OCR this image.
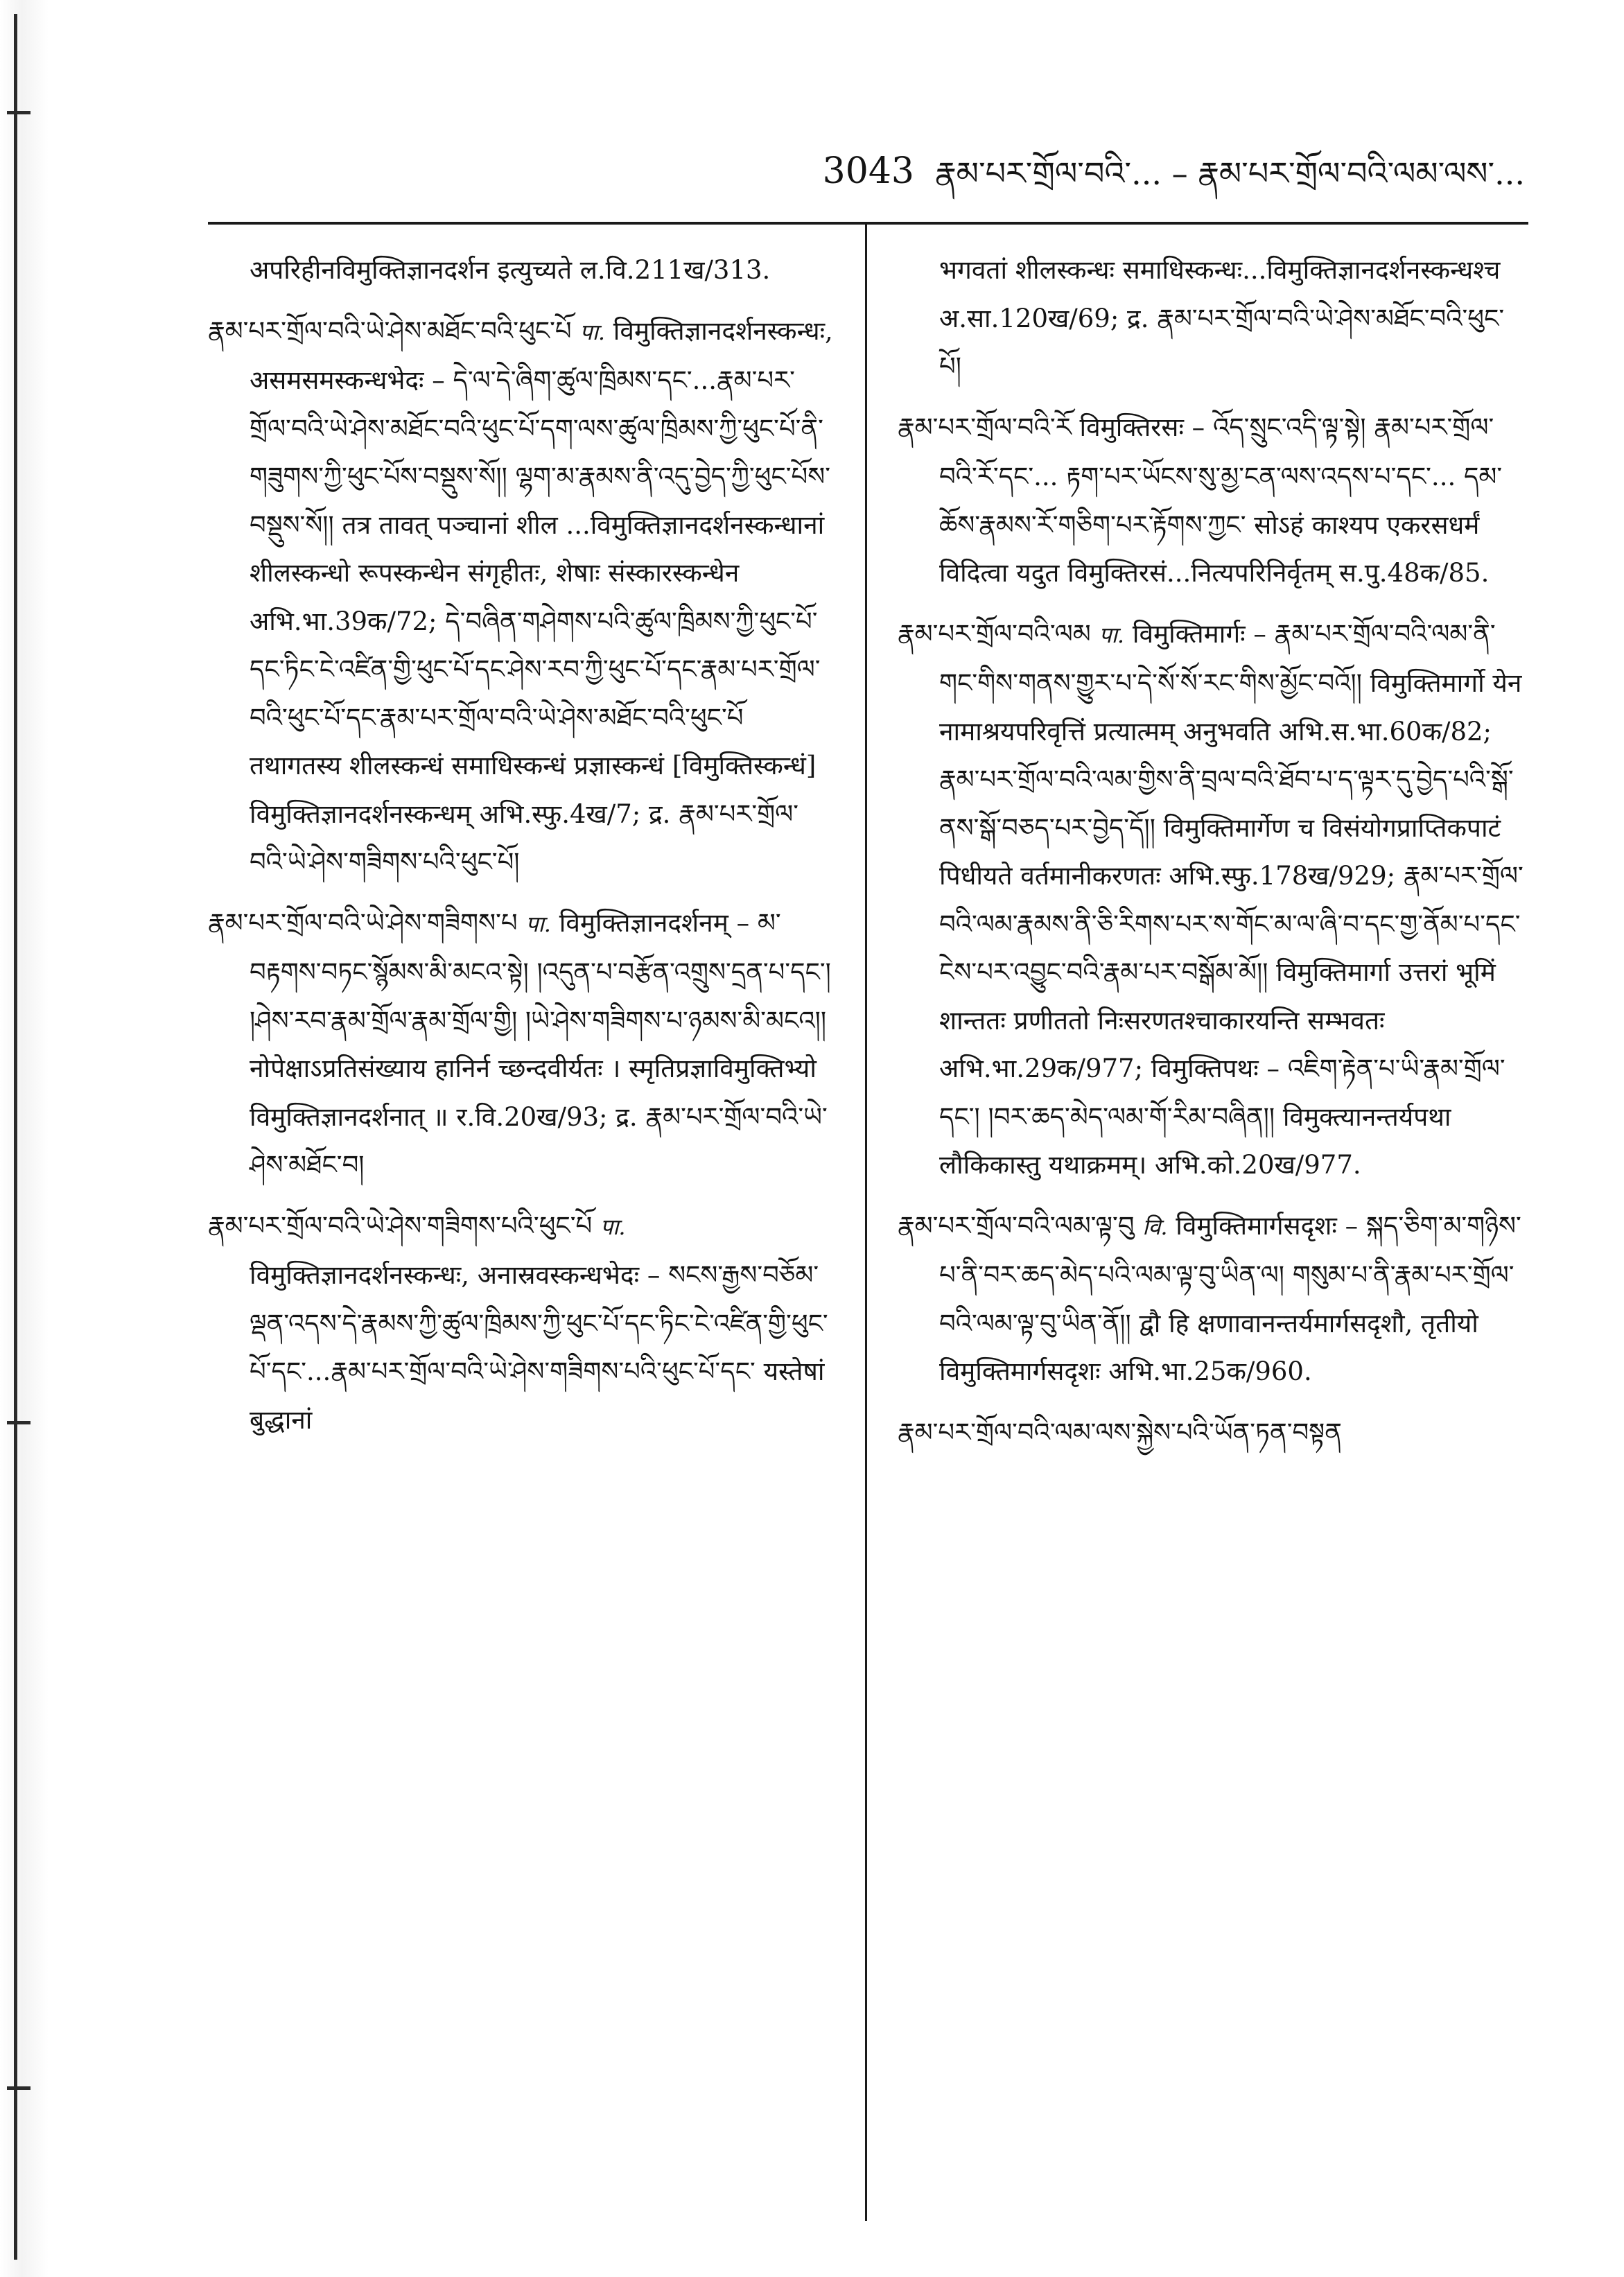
3043 རྣམ་པར་གྲོལ་བའི་... – རྣམ་པར་གྲོལ་བའི་ལམ་ལས་...

अपरिहीनविमुक्तिज्ञानदर्शन इत्युच्यते ल.वि.211ख/313.

རྣམ་པར་གྲོལ་བའི་ཡེ་ཤེས་མཐོང་བའི་ཕུང་པོ पा. विमुक्तिज्ञानदर्शनस्कन्धः, असमसमस्कन्धभेदः – དེ་ལ་དེ་ཞིག་ཚུལ་ཁྲིམས་དང་...རྣམ་པར་གྲོལ་བའི་ཡེ་ཤེས་མཐོང་བའི་ཕུང་པོ་དག་ལས་ཚུལ་ཁྲིམས་ཀྱི་ཕུང་པོ་ནི་གཟུགས་ཀྱི་ཕུང་པོས་བསྡུས་སོ།། ལྷག་མ་རྣམས་ནི་འདུ་བྱེད་ཀྱི་ཕུང་པོས་བསྡུས་སོ།། तत्र तावत् पञ्चानां शील ...विमुक्तिज्ञानदर्शनस्कन्धानां शीलस्कन्धो रूपस्कन्धेन संगृहीतः, शेषाः संस्कारस्कन्धेन अभि.भा.39क/72; དེ་བཞིན་གཤེགས་པའི་ཚུལ་ཁྲིམས་ཀྱི་ཕུང་པོ་དང་ཏིང་ངེ་འཛིན་གྱི་ཕུང་པོ་དང་ཤེས་རབ་ཀྱི་ཕུང་པོ་དང་རྣམ་པར་གྲོལ་བའི་ཕུང་པོ་དང་རྣམ་པར་གྲོལ་བའི་ཡེ་ཤེས་མཐོང་བའི་ཕུང་པོ तथागतस्य शीलस्कन्धं समाधिस्कन्धं प्रज्ञास्कन्धं [विमुक्तिस्कन्धं] विमुक्तिज्ञानदर्शनस्कन्धम् अभि.स्फु.4ख/7; द्र. རྣམ་པར་གྲོལ་བའི་ཡེ་ཤེས་གཟིགས་པའི་ཕུང་པོ།

རྣམ་པར་གྲོལ་བའི་ཡེ་ཤེས་གཟིགས་པ पा. विमुक्तिज्ञानदर्शनम् – མ་བརྟགས་བཏང་སྙོམས་མི་མངའ་སྟེ། །འདུན་པ་བརྩོན་འགྲུས་དྲན་པ་དང་། །ཤེས་རབ་རྣམ་གྲོལ་རྣམ་གྲོལ་གྱི། །ཡེ་ཤེས་གཟིགས་པ་ཉམས་མི་མངའ།། नोपेक्षाऽप्रतिसंख्याय हानिर्न च्छन्दवीर्यतः । स्मृतिप्रज्ञाविमुक्तिभ्यो विमुक्तिज्ञानदर्शनात् ॥ र.वि.20ख/93; द्र. རྣམ་པར་གྲོལ་བའི་ཡེ་ཤེས་མཐོང་བ།

རྣམ་པར་གྲོལ་བའི་ཡེ་ཤེས་གཟིགས་པའི་ཕུང་པོ पा. विमुक्तिज्ञानदर्शनस्कन्धः, अनास्रवस्कन्धभेदः – སངས་རྒྱས་བཅོམ་ལྡན་འདས་དེ་རྣམས་ཀྱི་ཚུལ་ཁྲིམས་ཀྱི་ཕུང་པོ་དང་ཏིང་ངེ་འཛིན་གྱི་ཕུང་པོ་དང་...རྣམ་པར་གྲོལ་བའི་ཡེ་ཤེས་གཟིགས་པའི་ཕུང་པོ་དང་ यस्तेषां बुद्धानां

भगवतां शीलस्कन्धः समाधिस्कन्धः...विमुक्तिज्ञानदर्शनस्कन्धश्च अ.सा.120ख/69; द्र. རྣམ་པར་གྲོལ་བའི་ཡེ་ཤེས་མཐོང་བའི་ཕུང་པོ།

རྣམ་པར་གྲོལ་བའི་རོ विमुक्तिरसः – འོད་སྲུང་འདི་ལྟ་སྟེ། རྣམ་པར་གྲོལ་བའི་རོ་དང་... རྟག་པར་ཡོངས་སུ་མྱ་ངན་ལས་འདས་པ་དང་... དམ་ཆོས་རྣམས་རོ་གཅིག་པར་རྟོགས་ཀྱང་ सोऽहं काश्यप एकरसधर्मं विदित्वा यदुत विमुक्तिरसं...नित्यपरिनिर्वृतम् स.पु.48क/85.

རྣམ་པར་གྲོལ་བའི་ལམ पा. विमुक्तिमार्गः – རྣམ་པར་གྲོལ་བའི་ལམ་ནི་གང་གིས་གནས་གྱུར་པ་དེ་སོ་སོ་རང་གིས་མྱོང་བའོ།། विमुक्तिमार्गो येन नामाश्रयपरिवृत्तिं प्रत्यात्मम् अनुभवति अभि.स.भा.60क/82; རྣམ་པར་གྲོལ་བའི་ལམ་གྱིས་ནི་བྲལ་བའི་ཐོབ་པ་ད་ལྟར་དུ་བྱེད་པའི་སྒོ་ནས་སྒོ་བཅད་པར་བྱེད་དོ།། विमुक्तिमार्गेण च विसंयोगप्राप्तिकपाटं पिधीयते वर्तमानीकरणतः अभि.स्फु.178ख/929; རྣམ་པར་གྲོལ་བའི་ལམ་རྣམས་ནི་ཅི་རིགས་པར་ས་གོང་མ་ལ་ཞི་བ་དང་གྱ་ནོམ་པ་དང་ངེས་པར་འབྱུང་བའི་རྣམ་པར་བསྒོམ་མོ།། विमुक्तिमार्गा उत्तरां भूमिं शान्ततः प्रणीततो निःसरणतश्चाकारयन्ति सम्भवतः अभि.भा.29क/977; विमुक्तिपथः – འཇིག་རྟེན་པ་ཡི་རྣམ་གྲོལ་དང་། །བར་ཆད་མེད་ལམ་གོ་རིམ་བཞིན།། विमुक्त्यानन्तर्यपथा लौकिकास्तु यथाक्रमम्। अभि.को.20ख/977.

རྣམ་པར་གྲོལ་བའི་ལམ་ལྟ་བུ वि. विमुक्तिमार्गसदृशः – སྐད་ཅིག་མ་གཉིས་པ་ནི་བར་ཆད་མེད་པའི་ལམ་ལྟ་བུ་ཡིན་ལ། གསུམ་པ་ནི་རྣམ་པར་གྲོལ་བའི་ལམ་ལྟ་བུ་ཡིན་ནོ།། द्वौ हि क्षणावानन्तर्यमार्गसदृशौ, तृतीयो विमुक्तिमार्गसदृशः अभि.भा.25क/960.

རྣམ་པར་གྲོལ་བའི་ལམ་ལས་སྐྱེས་པའི་ཡོན་ཏན་བསྟན
